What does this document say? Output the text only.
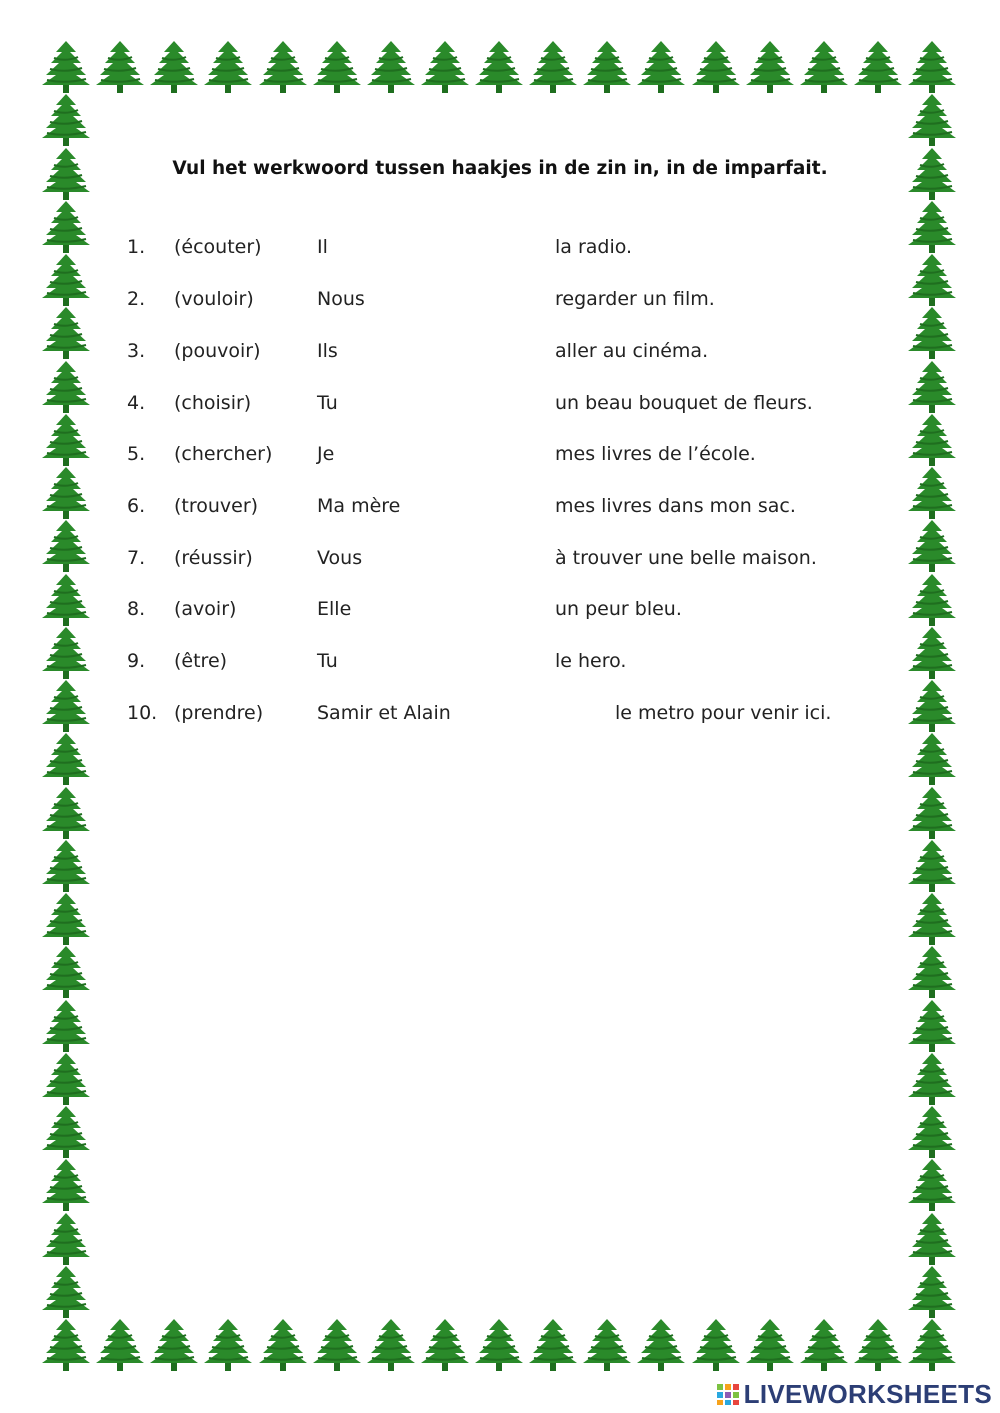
Vul het werkwoord tussen haakjes in de zin in, in de imparfait.
1. (écouter)	Il	la radio.
2. (vouloir)	Nous	regarder un film.
3. (pouvoir)	Ils	aller au cinéma.
4. (choisir)	Tu	un beau bouquet de fleurs.
5. (chercher) Je	mes livres de l’école.
6. (trouver)	Ma mère	mes livres dans mon sac.
7. (réussir)	Vous	à trouver une belle maison.
8. (avoir)	Elle	un peur bleu.
9. (être)	Tu	le hero.
10. (prendre)	Samir et Alain	le metro pour venir ici.
LIVEWORKSHEETS
